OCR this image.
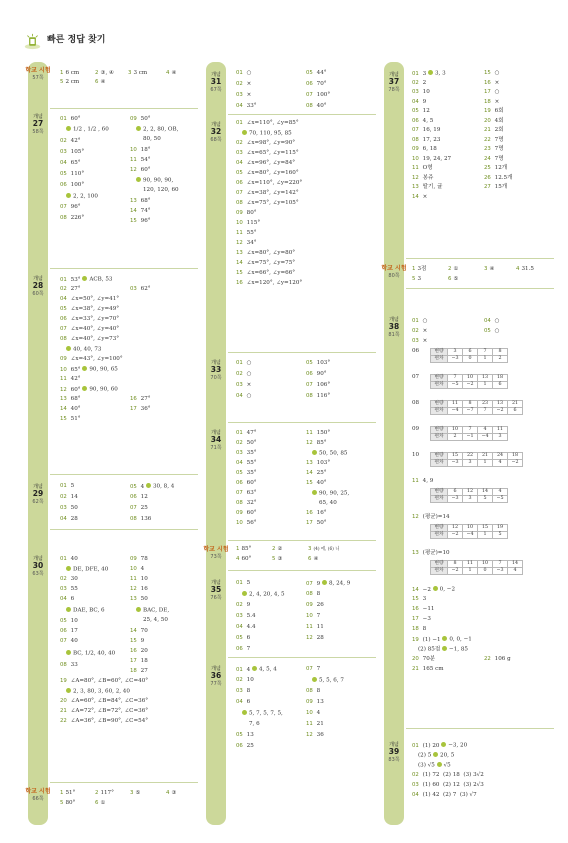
빠른 정답 찾기
학교 시험
57쪽
1 6 cm	2 ③, ④	3 3 cm	4 ④
5 2 cm	6 ④
개념
27
58쪽
01 60°
1/2 , 1/2 , 60
02 42°
03 105°
04 65°
05 110°
06 100°
2, 2, 100
07 96°
08 226°
09 50°
2, 2, 80, OB,
80, 50
10 18°
11 54°
12 60°
90, 90, 90,
120, 120, 60
13 68°
14 74°
15 96°
개념
28
60쪽
01 53° ACB, 53
02 27°	03 62°
04 ∠x=50°, ∠y=41°
05 ∠x=38°, ∠y=49°
06 ∠x=33°, ∠y=70°
07 ∠x=40°, ∠y=40°
08 ∠x=40°, ∠y=73°
40, 40, 73
09 ∠x=43°, ∠y=100°
10 65° 90, 90, 65
11 42°
12 60° 90, 90, 60
13 68°
14 40°
15 51°
16 27°
17 36°
개념
29
62쪽
01 5
02 14
03 50
04 28
05 4 30, 8, 4
06 12
07 25
08 136
개념
30
63쪽
01 40
DE, DFE, 40
02 30
03 55
04 6
DAE, BC, 6
05 10
06 17
07 40
BC, 1/2, 40, 40
08 33
09 78
10 4
11 10
12 16
13 50
BAC, DE,
25, 4, 50
14 70
15 9
16 20
17 18
18 27
19 ∠A=80°, ∠B=60°, ∠C=40°
2, 3, 80, 3, 60, 2, 40
20 ∠A=60°, ∠B=84°, ∠C=36°
21 ∠A=72°, ∠B=72°, ∠C=36°
22 ∠A=36°, ∠B=90°, ∠C=54°
학교 시험
66쪽
1 51°	2 117°	3 ⑤	4 ③
5 80°	6 ①
개념
31
67쪽
01 ○
02 ×
03 ×
04 33°
05 44°
06 70°
07 100°
08 40°
개념
32
68쪽
01 ∠x=110°, ∠y=85°
70, 110, 95, 85
02 ∠x=98°, ∠y=90°
03 ∠x=65°, ∠y=115°
04 ∠x=96°, ∠y=84°
05 ∠x=80°, ∠y=160°
06 ∠x=110°, ∠y=220°
07 ∠x=38°, ∠y=142°
08 ∠x=75°, ∠y=105°
09 80°
10 115°
11 55°
12 34°
13 ∠x=80°, ∠y=80°
14 ∠x=75°, ∠y=75°
15 ∠x=66°, ∠y=66°
16 ∠x=120°, ∠y=120°
개념
33
70쪽
01 ○
02 ○
03 ×
04 ○
05 103°
06 90°
07 106°
08 116°
개념
34
71쪽
01 47°
02 50°
03 35°
04 55°
05 35°
06 60°
07 63°
08 32°
09 60°
10 56°
11 150°
12 85°
50, 50, 85
13 103°
14 25°
15 40°
90, 90, 25,
65, 40
16 16°
17 50°
학교 시험
73쪽
1 85°	2 ②	3 (4) 에, (6) 니
4 60°	5 ③	6 ④
개념
35
76쪽
01 5
2, 4, 20, 4, 5
02 9
03 5.4
04 4.4
05 6
06 7
07 9 8, 24, 9
08 8
09 26
10 7
11 11
12 28
개념
36
77쪽
01 4 4, 5, 4
02 10
03 8
04 6
5, 7, 5, 7, 5,
7, 6
05 13
06 25
07 7
5, 5, 6, 7
08 8
09 13
10 4
11 21
12 36
개념
37
78쪽
01 3 3, 3
02 2
03 10
04 9
05 12
06 4, 5
07 16, 19
08 17, 23
09 6, 18
10 19, 24, 27
11 O형
12 봉쥬
13 딸기, 귤
14 ×
15 ○
16 ×
17 ○
18 ×
19 6회
20 4회
21 2회
22 7명
23 7명
24 7명
25 12개
26 12.5개
27 15개
학교 시험
80쪽
1 3점	2 ①	3 ④	4 31.5
5 3	6 ⑤
개념
38
81쪽
01 ○
02 ×
03 ×
04 ○
05 ○
06	변량	3	6	7	8
편차	−3	0	1	2
07	변량	7	10	13	18
편차	−5	−2	1	6
08	변량	11	8	23	13	21
편차	−4	−7	7	−2	6
09	변량	10	7	4	11
편차	2	−1	−4	3
10	변량	15	22	21	24	18
편차	−3	3	1	4	−2
11 4, 9
변량	6	12	14	4
편차	−3	3	5	−5
12 (평균)=14
변량	12	10	15	19
편차	−2	−4	1	5
13 (평균)=10
변량	8	11	10	7	14
편차	−2	1	0	−3	4
14 −2 0, −2
15 3
16 −11
17 −3
18 8
19 (1) −1 0, 0, −1
(2) 85점 −1, 85
20 70분
21 165 cm
22 106 g
개념
39
83쪽
01 (1) 20 −3, 20
(2) 5 20, 5
(3) √5 √5
02 (1) 72 (2) 18 (3) 3√2
03 (1) 60 (2) 12 (3) 2√3
04 (1) 42 (2) 7 (3) √7
